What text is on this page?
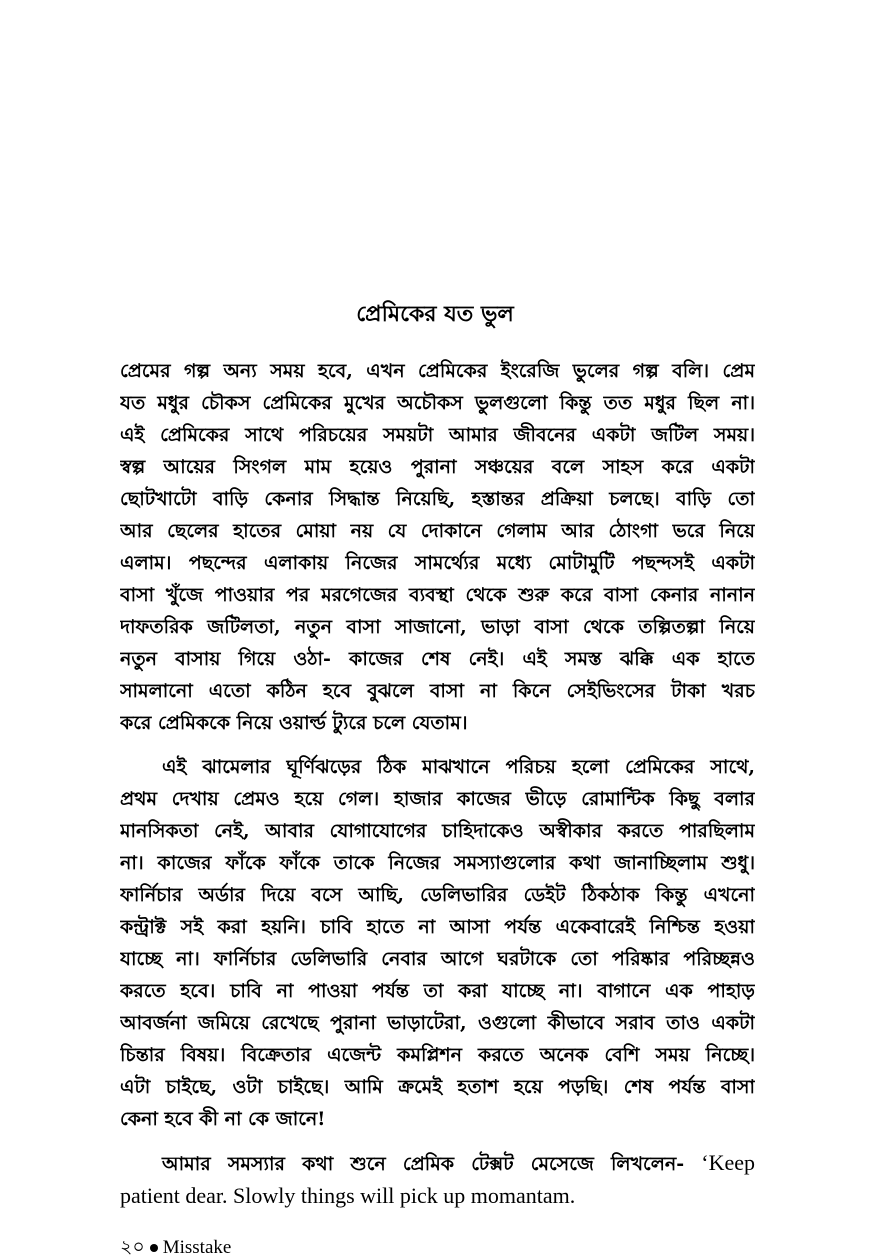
প্রেমিকের যত ভুল

প্রেমের গল্প অন্য সময় হবে, এখন প্রেমিকের ইংরেজি ভুলের গল্প বলি। প্রেম
যত মধুর চৌকস প্রেমিকের মুখের অচৌকস ভুলগুলো কিন্তু তত মধুর ছিল না।
এই প্রেমিকের সাথে পরিচয়ের সময়টা আমার জীবনের একটা জটিল সময়।
স্বল্প আয়ের সিংগল মাম হয়েও পুরানা সঞ্চয়ের বলে সাহস করে একটা
ছোটখাটো বাড়ি কেনার সিদ্ধান্ত নিয়েছি, হস্তান্তর প্রক্রিয়া চলছে। বাড়ি তো
আর ছেলের হাতের মোয়া নয় যে দোকানে গেলাম আর ঠোংগা ভরে নিয়ে
এলাম। পছন্দের এলাকায় নিজের সামর্থ্যের মধ্যে মোটামুটি পছন্দসই একটা
বাসা খুঁজে পাওয়ার পর মরগেজের ব্যবস্থা থেকে শুরু করে বাসা কেনার নানান
দাফতরিক জটিলতা, নতুন বাসা সাজানো, ভাড়া বাসা থেকে তল্পিতল্পা নিয়ে
নতুন বাসায় গিয়ে ওঠা- কাজের শেষ নেই। এই সমস্ত ঝক্কি এক হাতে
সামলানো এতো কঠিন হবে বুঝলে বাসা না কিনে সেইভিংসের টাকা খরচ
করে প্রেমিককে নিয়ে ওয়ার্ল্ড ট্যুরে চলে যেতাম।

এই ঝামেলার ঘূর্ণিঝড়ের ঠিক মাঝখানে পরিচয় হলো প্রেমিকের সাথে,
প্রথম দেখায় প্রেমও হয়ে গেল। হাজার কাজের ভীড়ে রোমান্টিক কিছু বলার
মানসিকতা নেই, আবার যোগাযোগের চাহিদাকেও অস্বীকার করতে পারছিলাম
না। কাজের ফাঁকে ফাঁকে তাকে নিজের সমস্যাগুলোর কথা জানাচ্ছিলাম শুধু।
ফার্নিচার অর্ডার দিয়ে বসে আছি, ডেলিভারির ডেইট ঠিকঠাক কিন্তু এখনো
কন্ট্রাক্ট সই করা হয়নি। চাবি হাতে না আসা পর্যন্ত একেবারেই নিশ্চিন্ত হওয়া
যাচ্ছে না। ফার্নিচার ডেলিভারি নেবার আগে ঘরটাকে তো পরিষ্কার পরিচ্ছন্নও
করতে হবে। চাবি না পাওয়া পর্যন্ত তা করা যাচ্ছে না। বাগানে এক পাহাড়
আবর্জনা জমিয়ে রেখেছে পুরানা ভাড়াটেরা, ওগুলো কীভাবে সরাব তাও একটা
চিন্তার বিষয়। বিক্রেতার এজেন্ট কমপ্লিশন করতে অনেক বেশি সময় নিচ্ছে।
এটা চাইছে, ওটা চাইছে। আমি ক্রমেই হতাশ হয়ে পড়ছি। শেষ পর্যন্ত বাসা
কেনা হবে কী না কে জানে!

আমার সমস্যার কথা শুনে প্রেমিক টেক্সট মেসেজে লিখলেন- ‘Keep
patient dear. Slowly things will pick up momantam.

২০ Misstake
